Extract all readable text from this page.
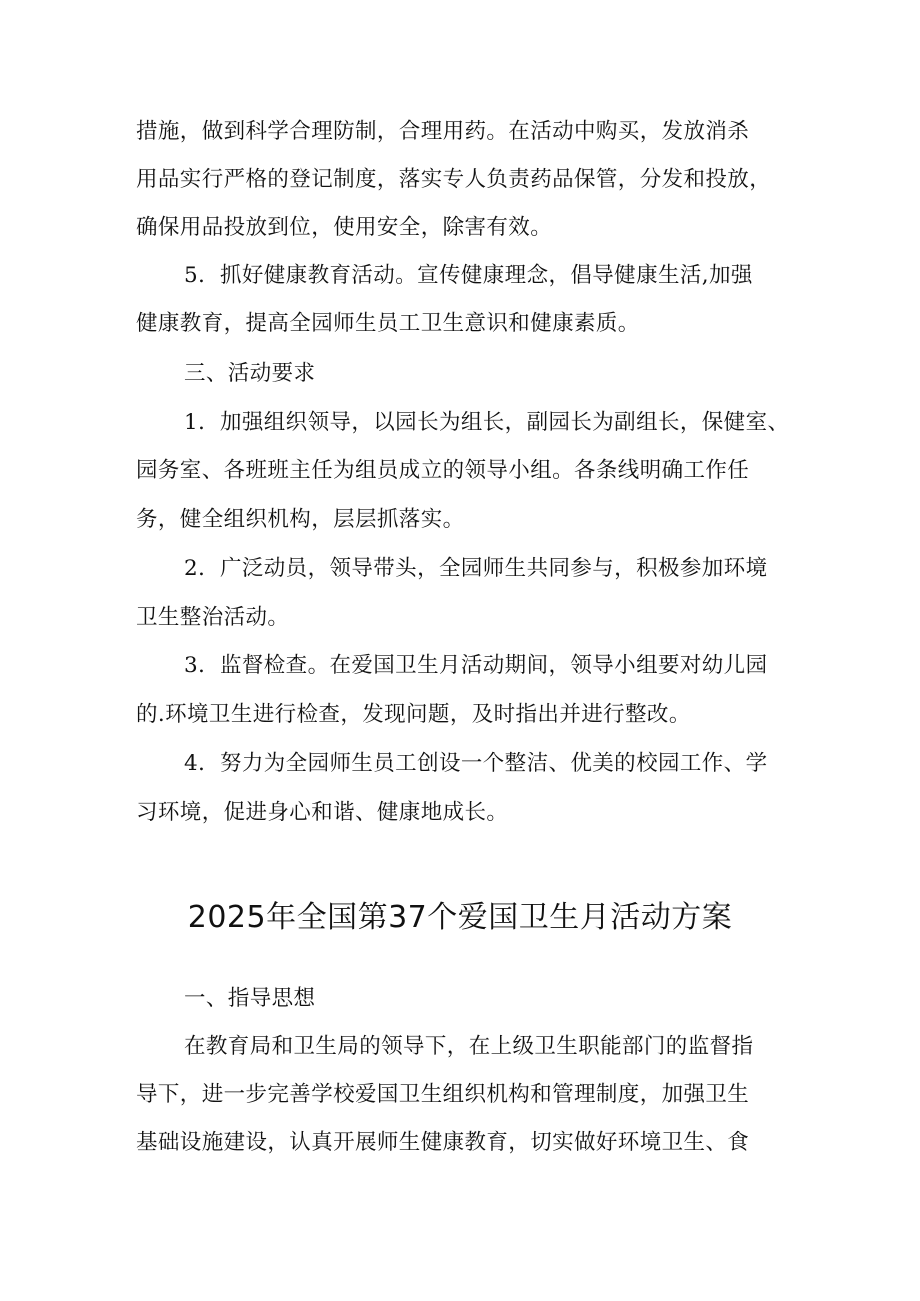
措施，做到科学合理防制，合理用药。在活动中购买，发放消杀
用品实行严格的登记制度，落实专人负责药品保管，分发和投放，
确保用品投放到位，使用安全，除害有效。
5．抓好健康教育活动。宣传健康理念，倡导健康生活,加强
健康教育，提高全园师生员工卫生意识和健康素质。
三、活动要求
1．加强组织领导，以园长为组长，副园长为副组长，保健室、
园务室、各班班主任为组员成立的领导小组。各条线明确工作任
务，健全组织机构，层层抓落实。
2．广泛动员，领导带头，全园师生共同参与，积极参加环境
卫生整治活动。
3．监督检查。在爱国卫生月活动期间，领导小组要对幼儿园
的.环境卫生进行检查，发现问题，及时指出并进行整改。
4．努力为全园师生员工创设一个整洁、优美的校园工作、学
习环境，促进身心和谐、健康地成长。
2025年全国第37个爱国卫生月活动方案
一、指导思想
在教育局和卫生局的领导下，在上级卫生职能部门的监督指
导下，进一步完善学校爱国卫生组织机构和管理制度，加强卫生
基础设施建设，认真开展师生健康教育，切实做好环境卫生、食
